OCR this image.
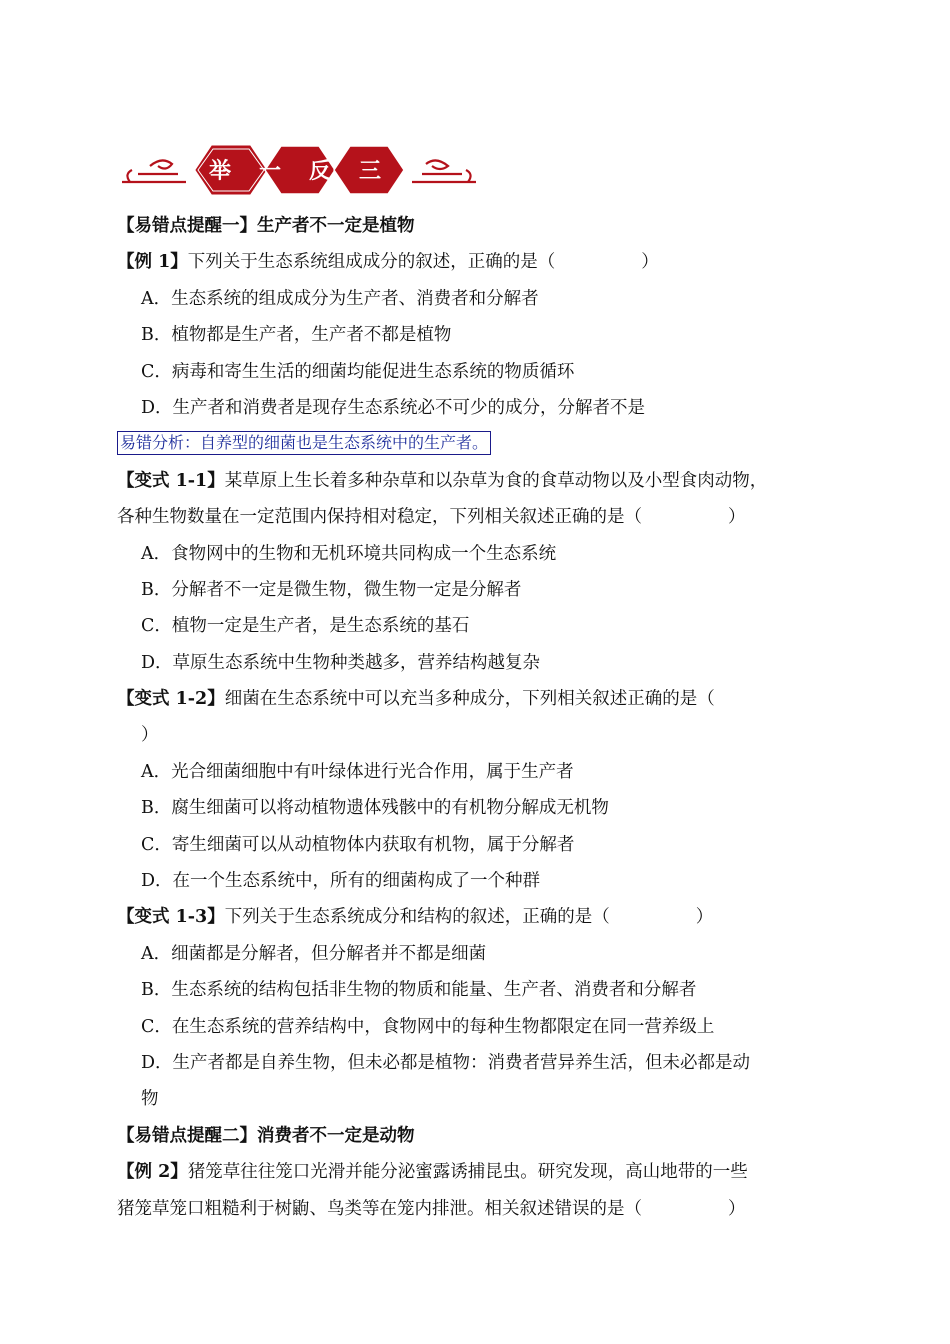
举 一 反 三
【易错点提醒一】生产者不一定是植物
【例 1】下列关于生态系统组成成分的叙述，正确的是（	）
A．生态系统的组成成分为生产者、消费者和分解者
B．植物都是生产者，生产者不都是植物
C．病毒和寄生生活的细菌均能促进生态系统的物质循环
D．生产者和消费者是现存生态系统必不可少的成分，分解者不是
易错分析：自养型的细菌也是生态系统中的生产者。
【变式 1-1】某草原上生长着多种杂草和以杂草为食的食草动物以及小型食肉动物，
各种生物数量在一定范围内保持相对稳定，下列相关叙述正确的是（	）
A．食物网中的生物和无机环境共同构成一个生态系统
B．分解者不一定是微生物，微生物一定是分解者
C．植物一定是生产者，是生态系统的基石
D．草原生态系统中生物种类越多，营养结构越复杂
【变式 1-2】细菌在生态系统中可以充当多种成分，下列相关叙述正确的是（
）
A．光合细菌细胞中有叶绿体进行光合作用，属于生产者
B．腐生细菌可以将动植物遗体残骸中的有机物分解成无机物
C．寄生细菌可以从动植物体内获取有机物，属于分解者
D．在一个生态系统中，所有的细菌构成了一个种群
【变式 1-3】下列关于生态系统成分和结构的叙述，正确的是（	）
A．细菌都是分解者，但分解者并不都是细菌
B．生态系统的结构包括非生物的物质和能量、生产者、消费者和分解者
C．在生态系统的营养结构中，食物网中的每种生物都限定在同一营养级上
D．生产者都是自养生物，但未必都是植物：消费者营异养生活，但未必都是动
物
【易错点提醒二】消费者不一定是动物
【例 2】猪笼草往往笼口光滑并能分泌蜜露诱捕昆虫。研究发现，高山地带的一些
猪笼草笼口粗糙利于树鼩、鸟类等在笼内排泄。相关叙述错误的是（	）
